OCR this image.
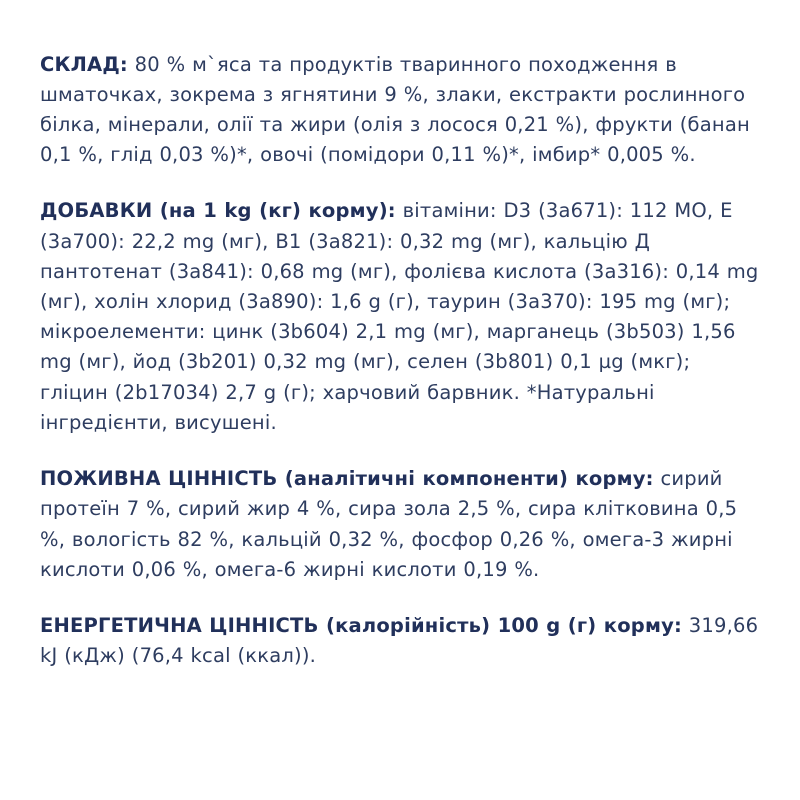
СКЛАД: 80 % м`яса та продуктів тваринного походження в шматочках, зокрема з ягнятини 9 %, злаки, екстракти рослинного білка, мінерали, олії та жири (олія з лосося 0,21 %), фрукти (банан 0,1 %, глід 0,03 %)*, овочі (помідори 0,11 %)*, імбир* 0,005 %.

ДОБАВКИ (на 1 kg (кг) корму): вітаміни: D3 (3a671): 112 МО, E (3a700): 22,2 mg (мг), B1 (3a821): 0,32 mg (мг), кальцію Д пантотенат (3a841): 0,68 mg (мг), фолієва кислота (3a316): 0,14 mg (мг), холін хлорид (3a890): 1,6 g (г), таурин (3a370): 195 mg (мг); мікроелементи: цинк (3b604) 2,1 mg (мг), марганець (3b503) 1,56 mg (мг), йод (3b201) 0,32 mg (мг), селен (3b801) 0,1 µg (мкг); гліцин (2b17034) 2,7 g (г); харчовий барвник. *Натуральні інгредієнти, висушені.

ПОЖИВНА ЦІННІСТЬ (аналітичні компоненти) корму: сирий протеїн 7 %, сирий жир 4 %, сира зола 2,5 %, сира клітковина 0,5 %, вологість 82 %, кальцій 0,32 %, фосфор 0,26 %, омега-3 жирні кислоти 0,06 %, омега-6 жирні кислоти 0,19 %.

ЕНЕРГЕТИЧНА ЦІННІСТЬ (калорійність) 100 g (г) корму: 319,66 kJ (кДж) (76,4 kcal (ккал)).
